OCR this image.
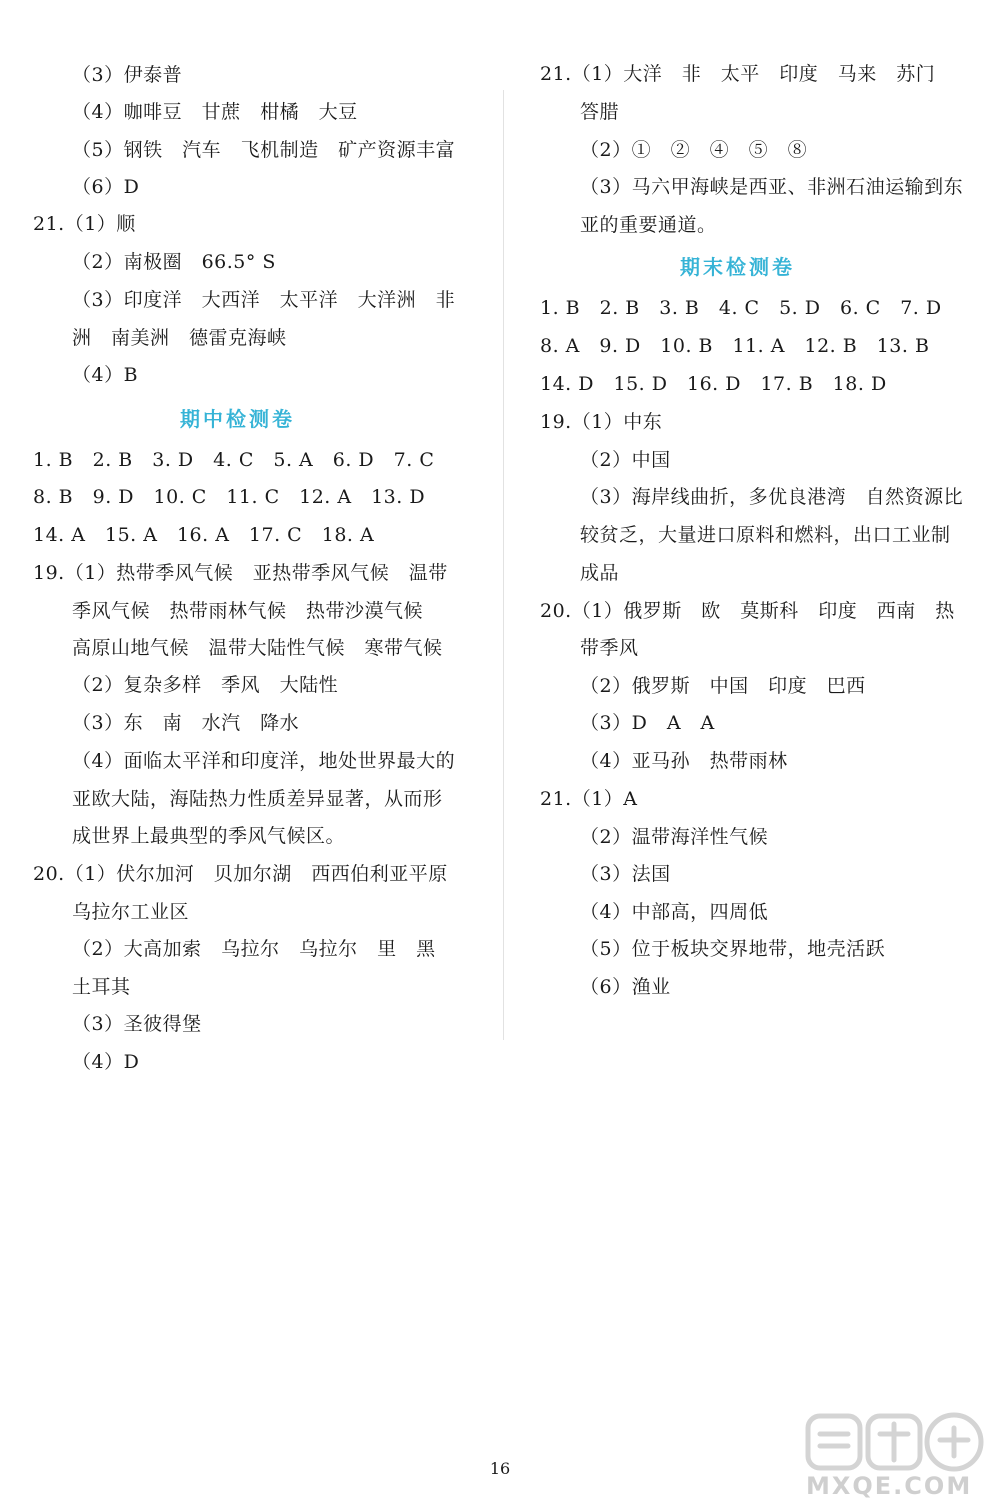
（3）伊泰普
（4）咖啡豆　甘蔗　柑橘　大豆
（5）钢铁　汽车　飞机制造　矿产资源丰富
（6）D
21.（1）顺
（2）南极圈　66.5° S
（3）印度洋　大西洋　太平洋　大洋洲　非
洲　南美洲　德雷克海峡
（4）B
期中检测卷
1. B　2. B　3. D　4. C　5. A　6. D　7. C
8. B　9. D　10. C　11. C　12. A　13. D
14. A　15. A　16. A　17. C　18. A
19.（1）热带季风气候　亚热带季风气候　温带
季风气候　热带雨林气候　热带沙漠气候
高原山地气候　温带大陆性气候　寒带气候
（2）复杂多样　季风　大陆性
（3）东　南　水汽　降水
（4）面临太平洋和印度洋，地处世界最大的
亚欧大陆，海陆热力性质差异显著，从而形
成世界上最典型的季风气候区。
20.（1）伏尔加河　贝加尔湖　西西伯利亚平原
乌拉尔工业区
（2）大高加索　乌拉尔　乌拉尔　里　黑
土耳其
（3）圣彼得堡
（4）D
21.（1）大洋　非　太平　印度　马来　苏门
答腊
（2）①　②　④　⑤　⑧
（3）马六甲海峡是西亚、非洲石油运输到东
亚的重要通道。
期末检测卷
1. B　2. B　3. B　4. C　5. D　6. C　7. D
8. A　9. D　10. B　11. A　12. B　13. B
14. D　15. D　16. D　17. B　18. D
19.（1）中东
（2）中国
（3）海岸线曲折，多优良港湾　自然资源比
较贫乏，大量进口原料和燃料，出口工业制
成品
20.（1）俄罗斯　欧　莫斯科　印度　西南　热
带季风
（2）俄罗斯　中国　印度　巴西
（3）D　A　A
（4）亚马孙　热带雨林
21.（1）A
（2）温带海洋性气候
（3）法国
（4）中部高，四周低
（5）位于板块交界地带，地壳活跃
（6）渔业
16
MXQE.COM
